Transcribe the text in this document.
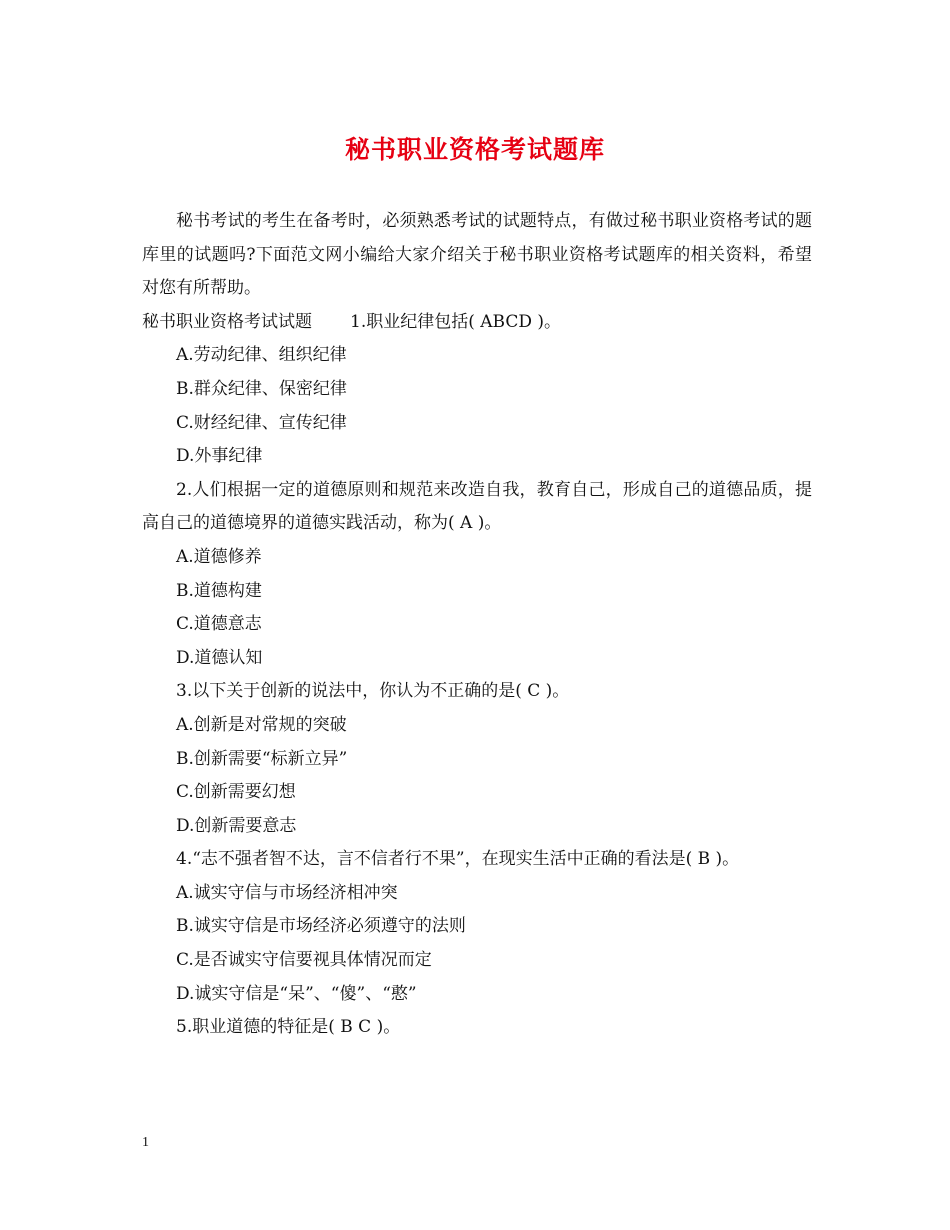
秘书职业资格考试题库

秘书考试的考生在备考时，必须熟悉考试的试题特点，有做过秘书职业资格考试的题库里的试题吗?下面范文网小编给大家介绍关于秘书职业资格考试题库的相关资料，希望对您有所帮助。

秘书职业资格考试试题 1.职业纪律包括( ABCD )。

A.劳动纪律、组织纪律

B.群众纪律、保密纪律

C.财经纪律、宣传纪律

D.外事纪律

2.人们根据一定的道德原则和规范来改造自我，教育自己，形成自己的道德品质，提高自己的道德境界的道德实践活动，称为( A )。

A.道德修养

B.道德构建

C.道德意志

D.道德认知

3.以下关于创新的说法中，你认为不正确的是( C )。

A.创新是对常规的突破

B.创新需要“标新立异”

C.创新需要幻想

D.创新需要意志

4.“志不强者智不达，言不信者行不果”，在现实生活中正确的看法是( B )。

A.诚实守信与市场经济相冲突

B.诚实守信是市场经济必须遵守的法则

C.是否诚实守信要视具体情况而定

D.诚实守信是“呆”、“傻”、“憨”

5.职业道德的特征是( B C )。

1
